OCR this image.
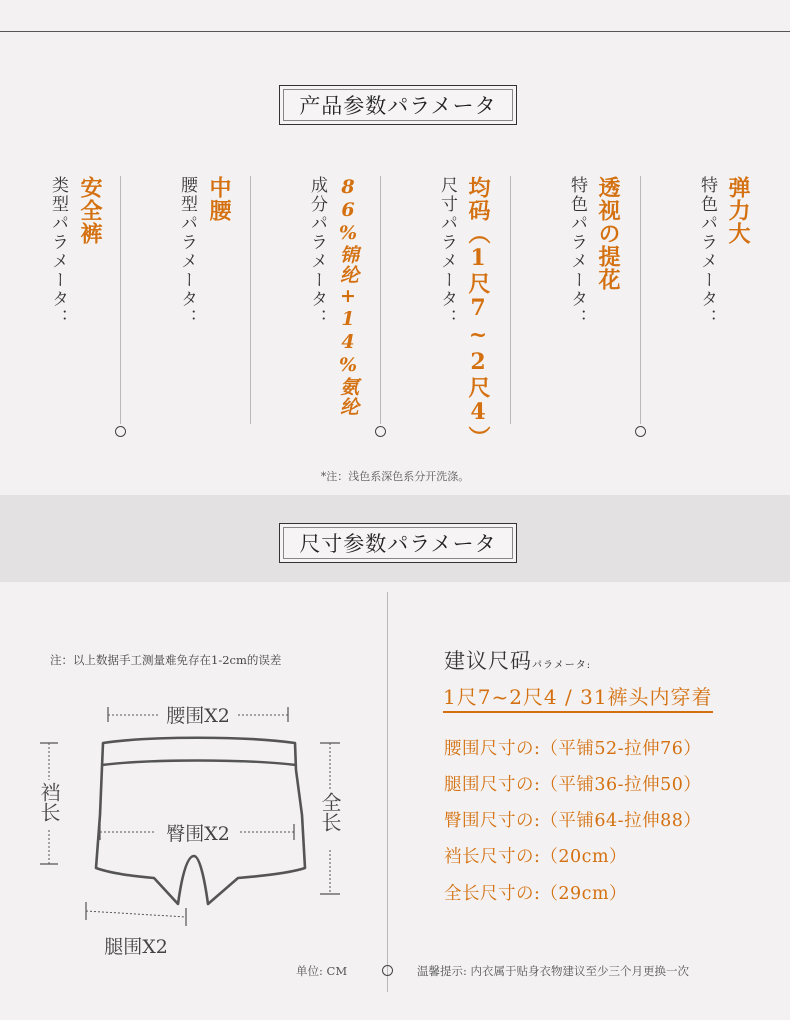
产品参数パラメータ
弹力大
特色パラメータ：
透视の提花
特色パラメータ：
均码（1尺7~2尺4）
尺寸パラメータ：
86%锦纶+14%氨纶
成分パラメータ：
中腰
腰型パラメータ：
安全裤
类型パラメータ：
*注：浅色系深色系分开洗涤。
尺寸参数パラメータ
注：以上数据手工测量难免存在1-2cm的误差
腰围X2
臀围X2
腿围X2
裆长	全长
建议尺码パラメータ:
1尺7~2尺4 / 31裤头内穿着
腰围尺寸の:（平铺52-拉伸76）
腿围尺寸の:（平铺36-拉伸50）
臀围尺寸の:（平铺64-拉伸88）
裆长尺寸の:（20cm）
全长尺寸の:（29cm）
单位: CM	温馨提示: 内衣属于贴身衣物建议至少三个月更换一次
